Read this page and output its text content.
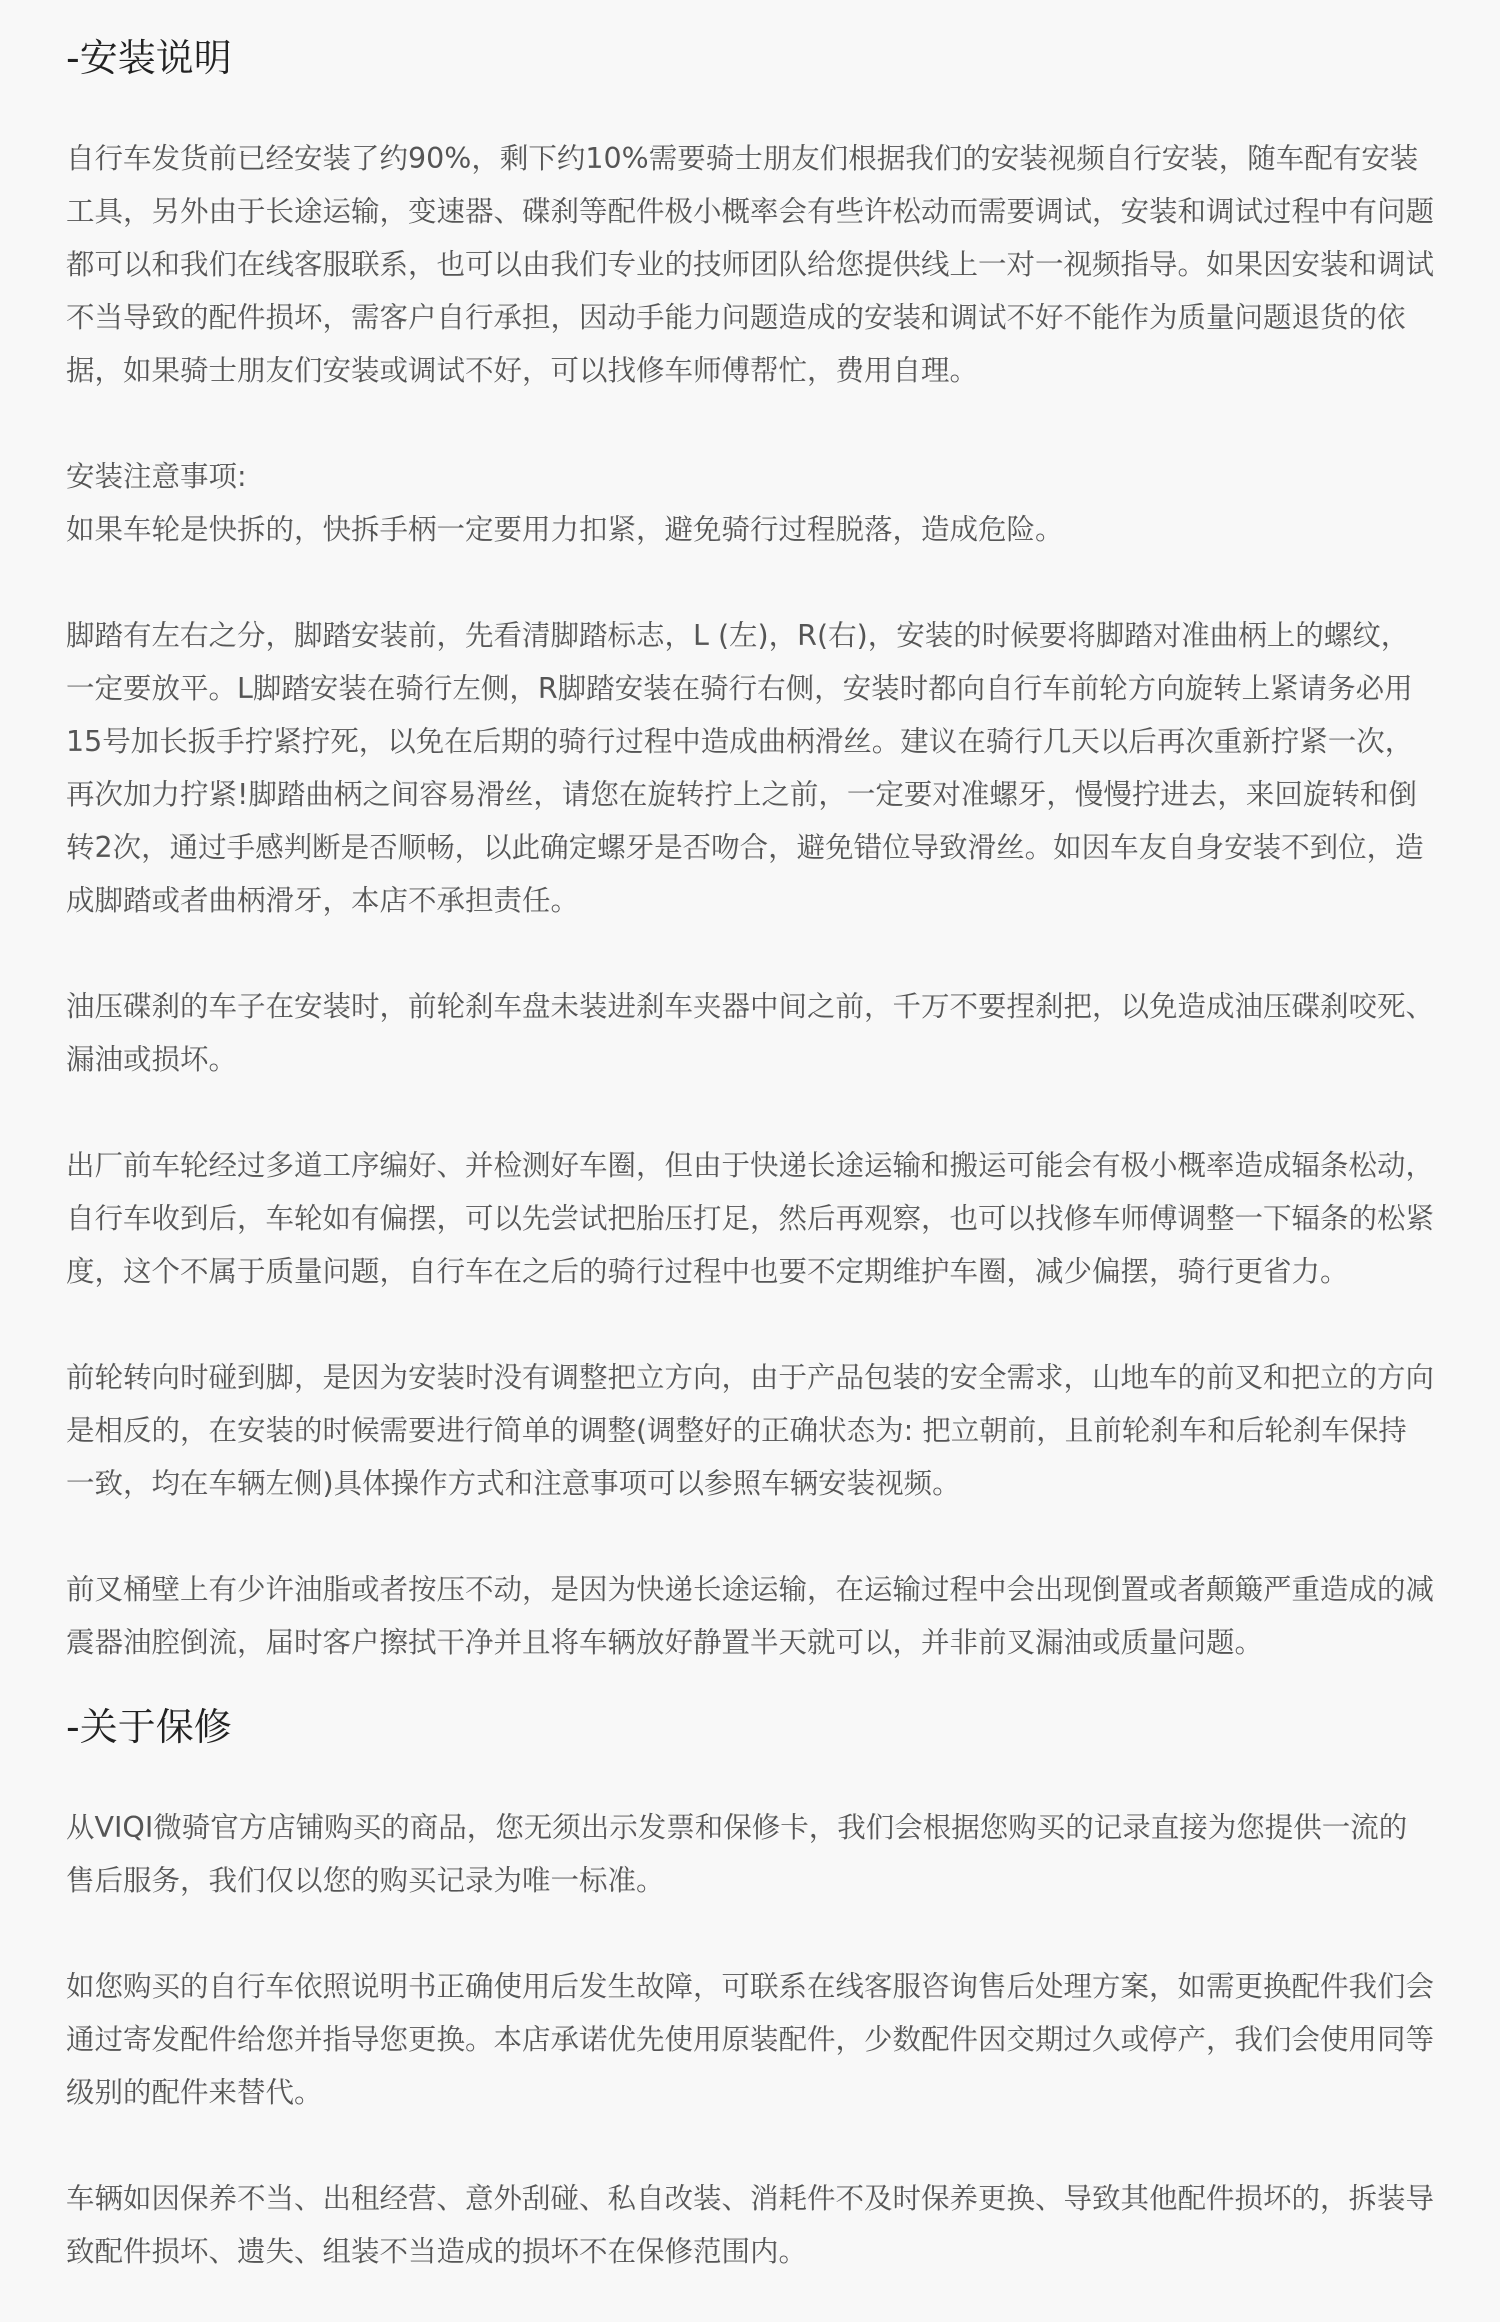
-安装说明

自行车发货前已经安装了约90%，剩下约10%需要骑士朋友们根据我们的安装视频自行安装，随车配有安装工具，另外由于长途运输，变速器、碟刹等配件极小概率会有些许松动而需要调试，安装和调试过程中有问题都可以和我们在线客服联系，也可以由我们专业的技师团队给您提供线上一对一视频指导。如果因安装和调试不当导致的配件损坏，需客户自行承担，因动手能力问题造成的安装和调试不好不能作为质量问题退货的依据，如果骑士朋友们安装或调试不好，可以找修车师傅帮忙，费用自理。

安装注意事项:

如果车轮是快拆的，快拆手柄一定要用力扣紧，避免骑行过程脱落，造成危险。

脚踏有左右之分，脚踏安装前，先看清脚踏标志，L (左)，R(右)，安装的时候要将脚踏对准曲柄上的螺纹，一定要放平。L脚踏安装在骑行左侧，R脚踏安装在骑行右侧，安装时都向自行车前轮方向旋转上紧请务必用15号加长扳手拧紧拧死，以免在后期的骑行过程中造成曲柄滑丝。建议在骑行几天以后再次重新拧紧一次，再次加力拧紧!脚踏曲柄之间容易滑丝，请您在旋转拧上之前，一定要对准螺牙，慢慢拧进去，来回旋转和倒转2次，通过手感判断是否顺畅，以此确定螺牙是否吻合，避免错位导致滑丝。如因车友自身安装不到位，造成脚踏或者曲柄滑牙，本店不承担责任。

油压碟刹的车子在安装时，前轮刹车盘未装进刹车夹器中间之前，千万不要捏刹把，以免造成油压碟刹咬死、漏油或损坏。

出厂前车轮经过多道工序编好、并检测好车圈，但由于快递长途运输和搬运可能会有极小概率造成辐条松动，自行车收到后，车轮如有偏摆，可以先尝试把胎压打足，然后再观察，也可以找修车师傅调整一下辐条的松紧度，这个不属于质量问题，自行车在之后的骑行过程中也要不定期维护车圈，减少偏摆，骑行更省力。

前轮转向时碰到脚，是因为安装时没有调整把立方向，由于产品包装的安全需求，山地车的前叉和把立的方向是相反的，在安装的时候需要进行简单的调整(调整好的正确状态为: 把立朝前，且前轮刹车和后轮刹车保持一致，均在车辆左侧)具体操作方式和注意事项可以参照车辆安装视频。

前叉桶壁上有少许油脂或者按压不动，是因为快递长途运输，在运输过程中会出现倒置或者颠簸严重造成的减震器油腔倒流，届时客户擦拭干净并且将车辆放好静置半天就可以，并非前叉漏油或质量问题。

-关于保修

从VIQI微骑官方店铺购买的商品，您无须出示发票和保修卡，我们会根据您购买的记录直接为您提供一流的售后服务，我们仅以您的购买记录为唯一标准。

如您购买的自行车依照说明书正确使用后发生故障，可联系在线客服咨询售后处理方案，如需更换配件我们会通过寄发配件给您并指导您更换。本店承诺优先使用原装配件，少数配件因交期过久或停产，我们会使用同等级别的配件来替代。

车辆如因保养不当、出租经营、意外刮碰、私自改装、消耗件不及时保养更换、导致其他配件损坏的，拆装导致配件损坏、遗失、组装不当造成的损坏不在保修范围内。
